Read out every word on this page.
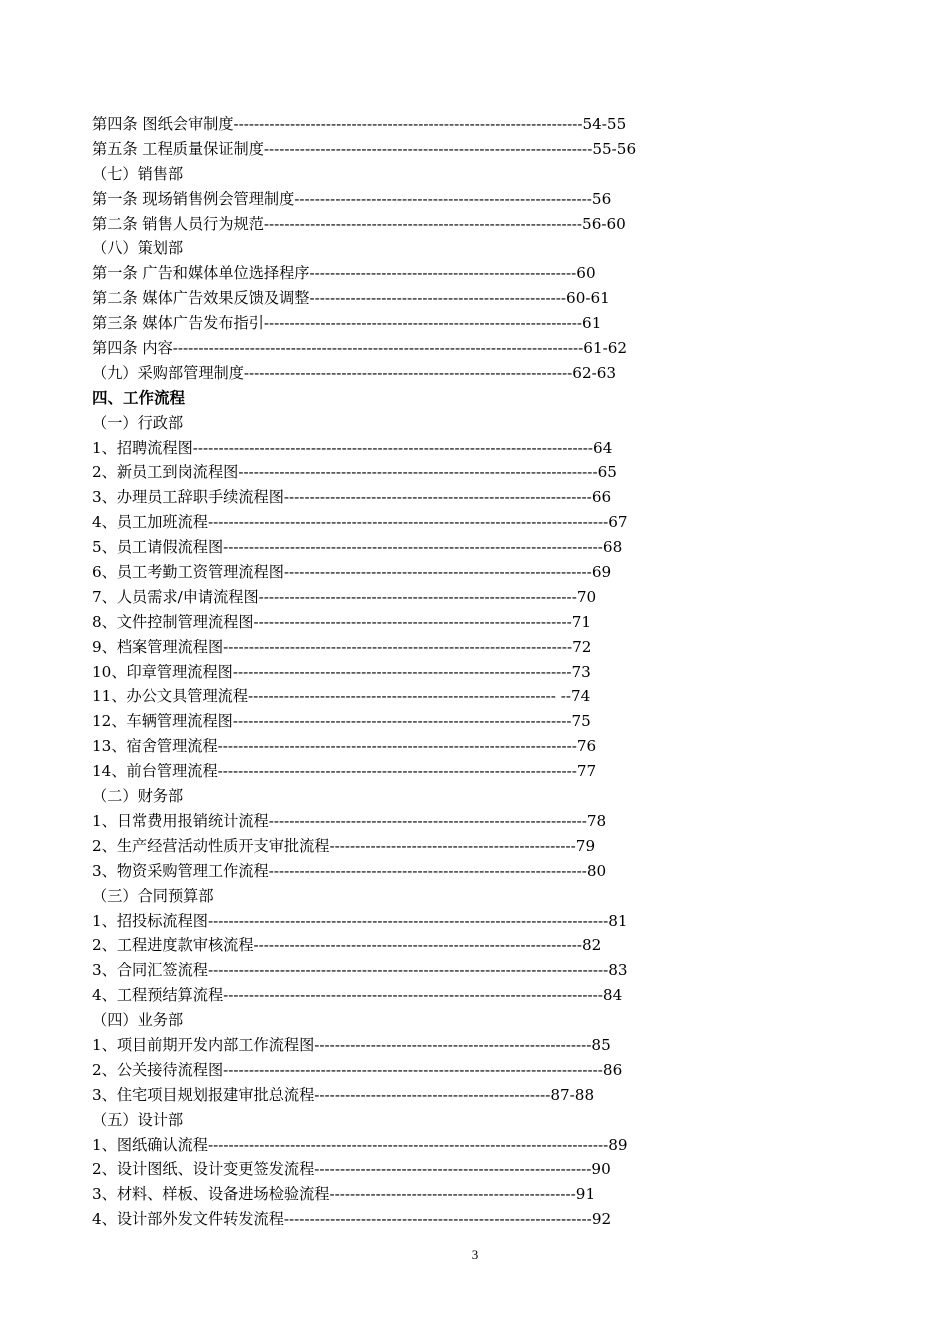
第四条 图纸会审制度--------------------------------------------------------------------54-55
第五条 工程质量保证制度----------------------------------------------------------------55-56
（七）销售部
第一条 现场销售例会管理制度----------------------------------------------------------56
第二条 销售人员行为规范--------------------------------------------------------------56-60
（八）策划部
第一条 广告和媒体单位选择程序----------------------------------------------------60
第二条 媒体广告效果反馈及调整--------------------------------------------------60-61
第三条 媒体广告发布指引--------------------------------------------------------------61
第四条 内容--------------------------------------------------------------------------------61-62
（九）采购部管理制度----------------------------------------------------------------62-63
四、工作流程
（一）行政部
1、招聘流程图------------------------------------------------------------------------------64
2、新员工到岗流程图----------------------------------------------------------------------65
3、办理员工辞职手续流程图------------------------------------------------------------66
4、员工加班流程------------------------------------------------------------------------------67
5、员工请假流程图--------------------------------------------------------------------------68
6、员工考勤工资管理流程图------------------------------------------------------------69
7、人员需求/申请流程图--------------------------------------------------------------70
8、文件控制管理流程图--------------------------------------------------------------71
9、档案管理流程图--------------------------------------------------------------------72
10、印章管理流程图------------------------------------------------------------------73
11、办公文具管理流程------------------------------------------------------------ --74
12、车辆管理流程图------------------------------------------------------------------75
13、宿舍管理流程----------------------------------------------------------------------76
14、前台管理流程----------------------------------------------------------------------77
（二）财务部
1、日常费用报销统计流程--------------------------------------------------------------78
2、生产经营活动性质开支审批流程------------------------------------------------79
3、物资采购管理工作流程--------------------------------------------------------------80
（三）合同预算部
1、招投标流程图------------------------------------------------------------------------------81
2、工程进度款审核流程----------------------------------------------------------------82
3、合同汇签流程------------------------------------------------------------------------------83
4、工程预结算流程--------------------------------------------------------------------------84
（四）业务部
1、项目前期开发内部工作流程图------------------------------------------------------85
2、公关接待流程图--------------------------------------------------------------------------86
3、住宅项目规划报建审批总流程----------------------------------------------87-88
（五）设计部
1、图纸确认流程------------------------------------------------------------------------------89
2、设计图纸、设计变更签发流程------------------------------------------------------90
3、材料、样板、设备进场检验流程------------------------------------------------91
4、设计部外发文件转发流程------------------------------------------------------------92
3
